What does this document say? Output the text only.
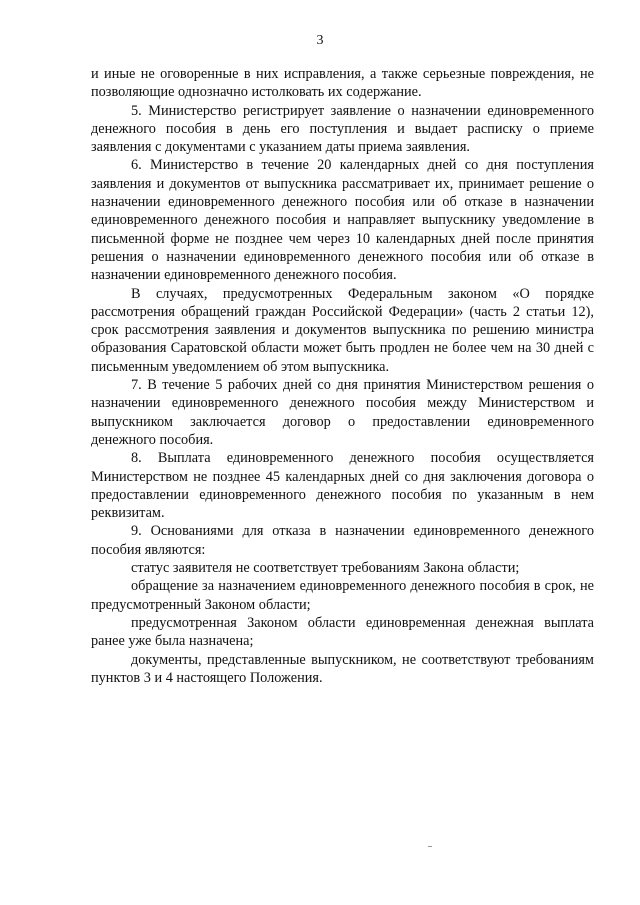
3

и иные не оговоренные в них исправления, а также серьезные повреждения, не позволяющие однозначно истолковать их содержание.

5. Министерство регистрирует заявление о назначении единовременного денежного пособия в день его поступления и выдает расписку о приеме заявления с документами с указанием даты приема заявления.

6. Министерство в течение 20 календарных дней со дня поступления заявления и документов от выпускника рассматривает их, принимает решение о назначении единовременного денежного пособия или об отказе в назначении единовременного денежного пособия и направляет выпускнику уведомление в письменной форме не позднее чем через 10 календарных дней после принятия решения о назначении единовременного денежного пособия или об отказе в назначении единовременного денежного пособия.

В случаях, предусмотренных Федеральным законом «О порядке рассмотрения обращений граждан Российской Федерации» (часть 2 статьи 12), срок рассмотрения заявления и документов выпускника по решению министра образования Саратовской области может быть продлен не более чем на 30 дней с письменным уведомлением об этом выпускника.

7. В течение 5 рабочих дней со дня принятия Министерством решения о назначении единовременного денежного пособия между Министерством и выпускником заключается договор о предоставлении единовременного денежного пособия.

8. Выплата единовременного денежного пособия осуществляется Министерством не позднее 45 календарных дней со дня заключения договора о предоставлении единовременного денежного пособия по указанным в нем реквизитам.

9. Основаниями для отказа в назначении единовременного денежного пособия являются:

статус заявителя не соответствует требованиям Закона области;

обращение за назначением единовременного денежного пособия в срок, не предусмотренный Законом области;

предусмотренная Законом области единовременная денежная выплата ранее уже была назначена;

документы, представленные выпускником, не соответствуют требованиям пунктов 3 и 4 настоящего Положения.
